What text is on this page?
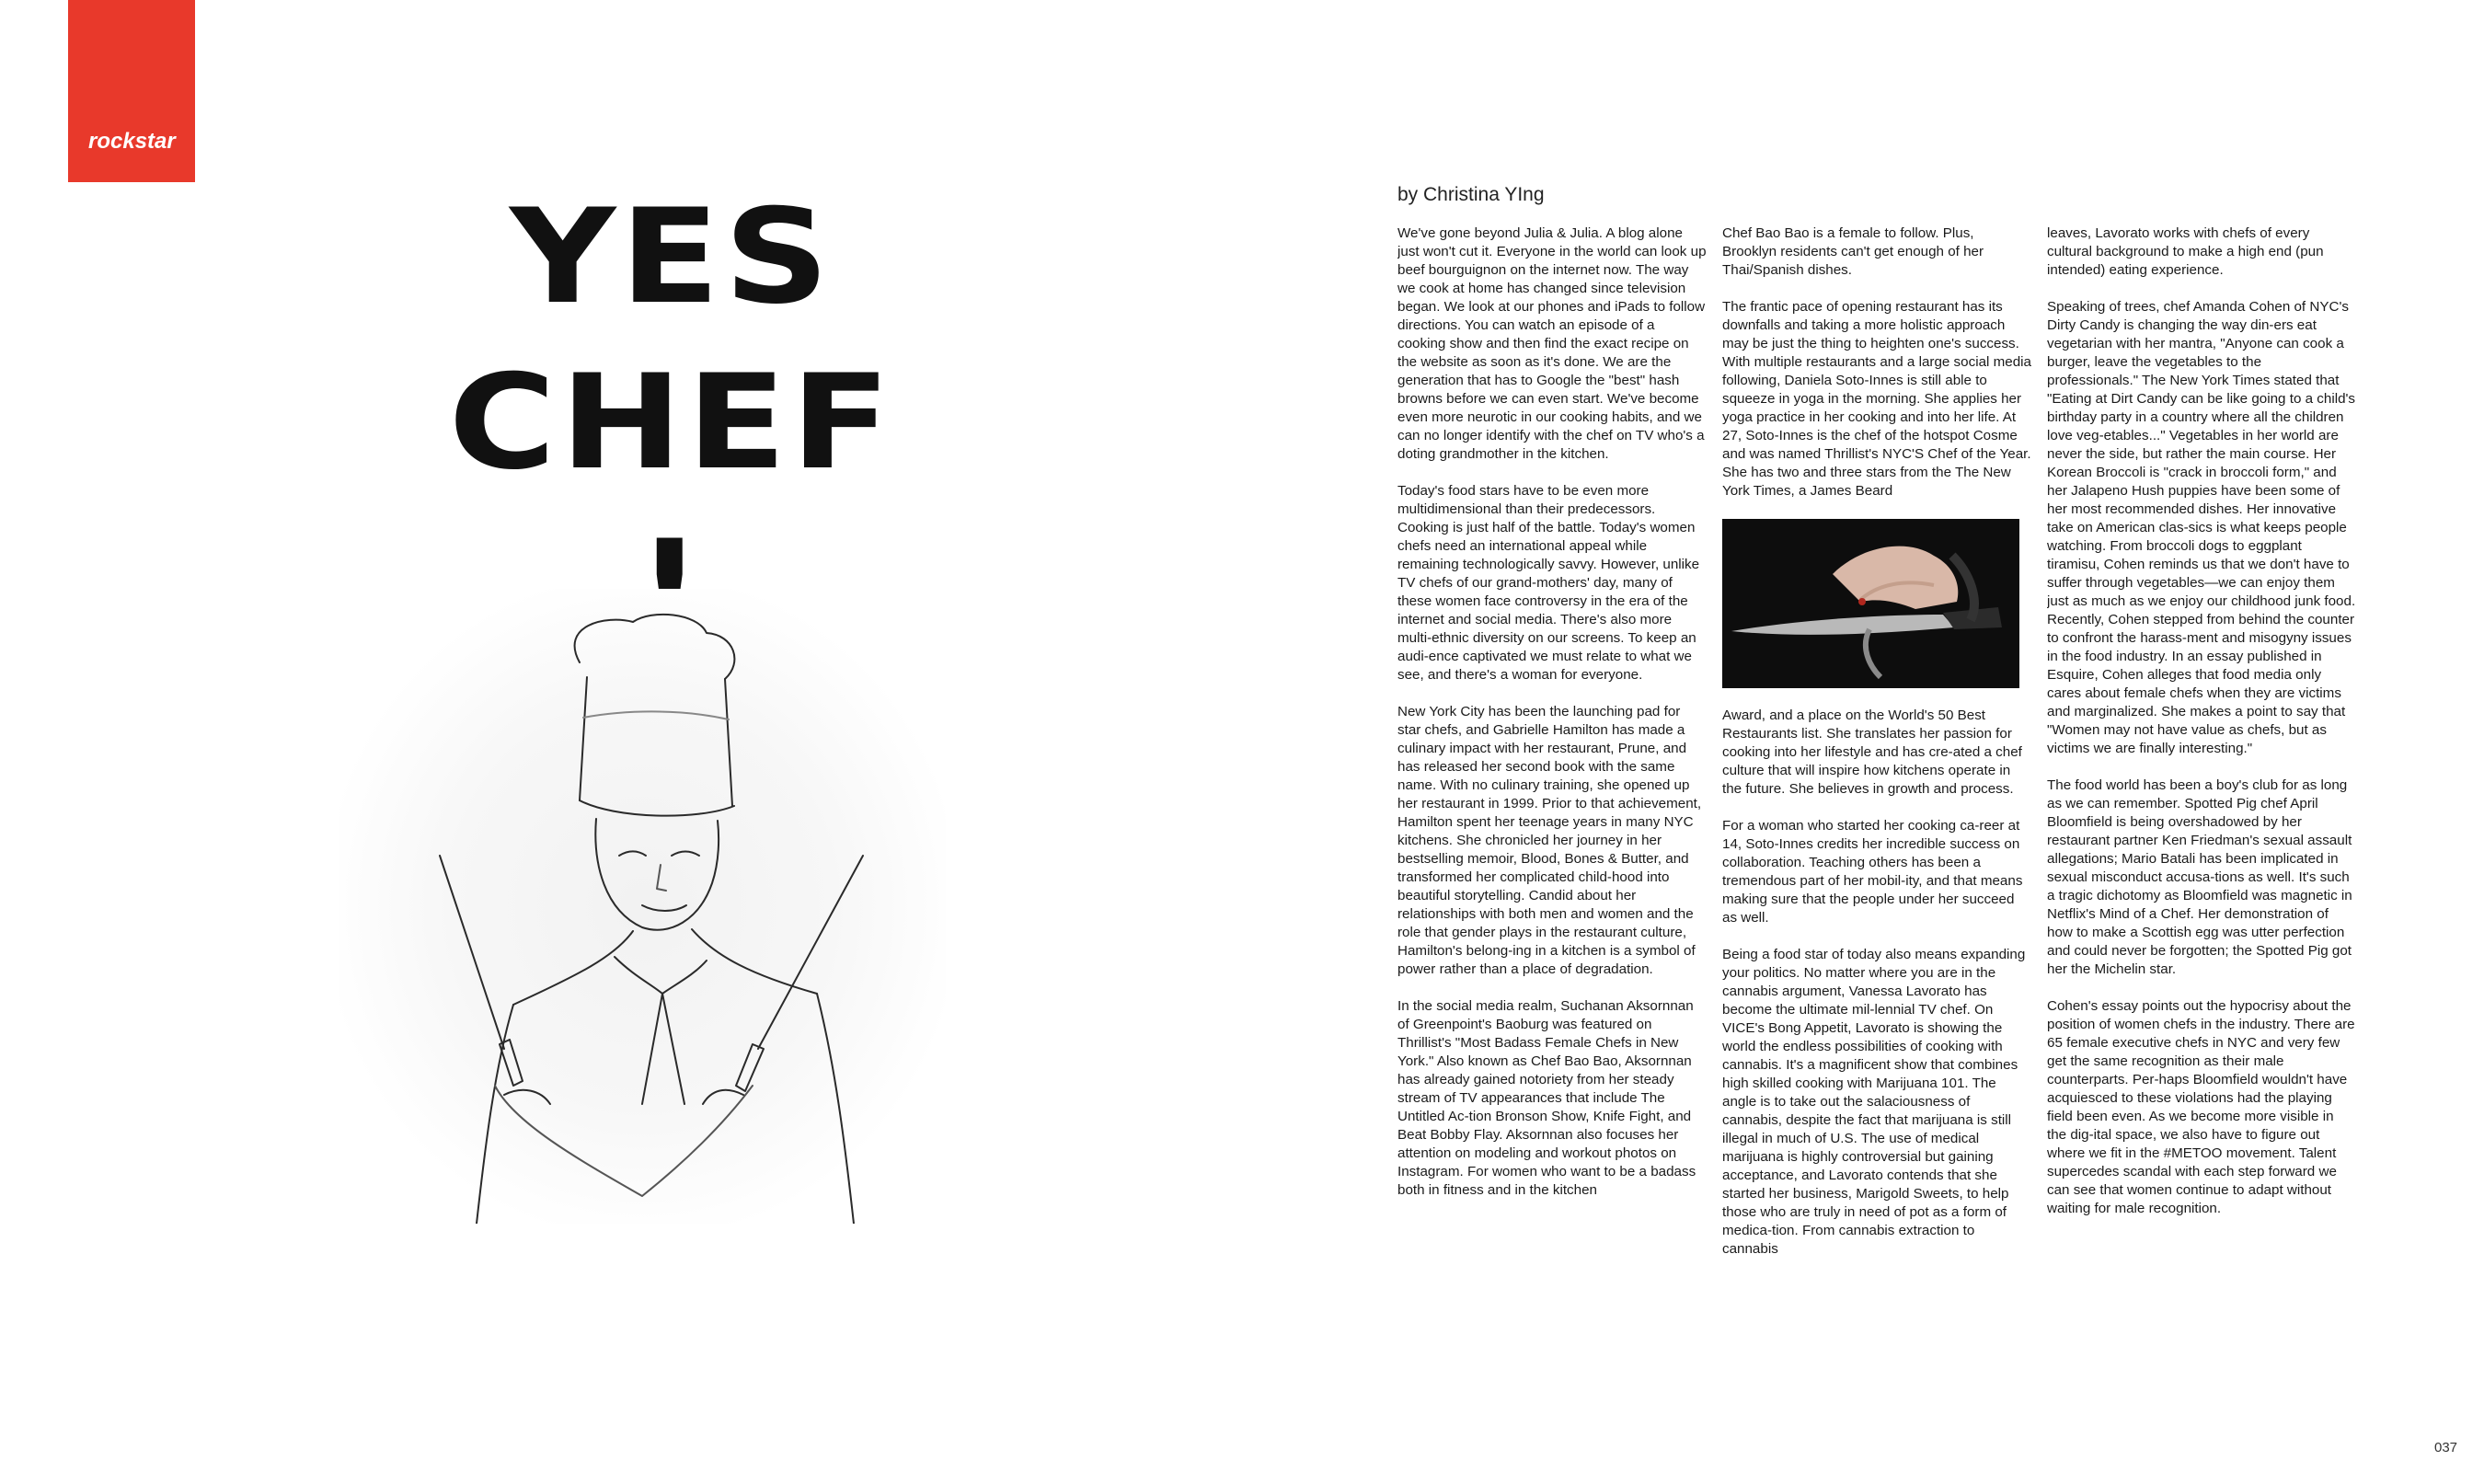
rockstar
YES
CHEF
by Christina YIng

We've gone beyond Julia & Julia. A blog alone just won't cut it. Everyone in the world can look up beef bourguignon on the internet now. The way we cook at home has changed since television began. We look at our phones and iPads to follow directions. You can watch an episode of a cooking show and then find the exact recipe on the website as soon as it's done. We are the generation that has to Google the "best" hash browns before we can even start. We've become even more neurotic in our cooking habits, and we can no longer identify with the chef on TV who's a doting grandmother in the kitchen.

Today's food stars have to be even more multidimensional than their predecessors. Cooking is just half of the battle. Today's women chefs need an international appeal while remaining technologically savvy. However, unlike TV chefs of our grand-mothers' day, many of these women face controversy in the era of the internet and social media. There's also more multi-ethnic diversity on our screens. To keep an audi-ence captivated we must relate to what we see, and there's a woman for everyone.

New York City has been the launching pad for star chefs, and Gabrielle Hamilton has made a culinary impact with her restaurant, Prune, and has released her second book with the same name. With no culinary training, she opened up her restaurant in 1999. Prior to that achievement, Hamilton spent her teenage years in many NYC kitchens. She chronicled her journey in her bestselling memoir, Blood, Bones & Butter, and transformed her complicated child-hood into beautiful storytelling. Candid about her relationships with both men and women and the role that gender plays in the restaurant culture, Hamilton's belong-ing in a kitchen is a symbol of power rather than a place of degradation.

In the social media realm, Suchanan Aksornnan of Greenpoint's Baoburg was featured on Thrillist's "Most Badass Female Chefs in New York." Also known as Chef Bao Bao, Aksornnan has already gained notoriety from her steady stream of TV appearances that include The Untitled Ac-tion Bronson Show, Knife Fight, and Beat Bobby Flay. Aksornnan also focuses her attention on modeling and workout photos on Instagram. For women who want to be a badass both in fitness and in the kitchen

Chef Bao Bao is a female to follow. Plus, Brooklyn residents can't get enough of her Thai/Spanish dishes.

The frantic pace of opening restaurant has its downfalls and taking a more holistic approach may be just the thing to heighten one's success. With multiple restaurants and a large social media following, Daniela Soto-Innes is still able to squeeze in yoga in the morning. She applies her yoga practice in her cooking and into her life. At 27, Soto-Innes is the chef of the hotspot Cosme and was named Thrillist's NYC'S Chef of the Year. She has two and three stars from the The New York Times, a James Beard

Award, and a place on the World's 50 Best Restaurants list. She translates her passion for cooking into her lifestyle and has cre-ated a chef culture that will inspire how kitchens operate in the future. She believes in growth and process.

For a woman who started her cooking ca-reer at 14, Soto-Innes credits her incredible success on collaboration. Teaching others has been a tremendous part of her mobil-ity, and that means making sure that the people under her succeed as well.

Being a food star of today also means expanding your politics. No matter where you are in the cannabis argument, Vanessa Lavorato has become the ultimate mil-lennial TV chef. On VICE's Bong Appetit, Lavorato is showing the world the endless possibilities of cooking with cannabis. It's a magnificent show that combines high skilled cooking with Marijuana 101. The angle is to take out the salaciousness of cannabis, despite the fact that marijuana is still illegal in much of U.S. The use of medical marijuana is highly controversial but gaining acceptance, and Lavorato contends that she started her business, Marigold Sweets, to help those who are truly in need of pot as a form of medica-tion. From cannabis extraction to cannabis

leaves, Lavorato works with chefs of every cultural background to make a high end (pun intended) eating experience.

Speaking of trees, chef Amanda Cohen of NYC's Dirty Candy is changing the way din-ers eat vegetarian with her mantra, "Anyone can cook a burger, leave the vegetables to the professionals." The New York Times stated that "Eating at Dirt Candy can be like going to a child's birthday party in a country where all the children love veg-etables..." Vegetables in her world are never the side, but rather the main course. Her Korean Broccoli is "crack in broccoli form," and her Jalapeno Hush puppies have been some of her most recommended dishes. Her innovative take on American clas-sics is what keeps people watching. From broccoli dogs to eggplant tiramisu, Cohen reminds us that we don't have to suffer through vegetables—we can enjoy them just as much as we enjoy our childhood junk food. Recently, Cohen stepped from behind the counter to confront the harass-ment and misogyny issues in the food industry. In an essay published in Esquire, Cohen alleges that food media only cares about female chefs when they are victims and marginalized. She makes a point to say that "Women may not have value as chefs, but as victims we are finally interesting."

The food world has been a boy's club for as long as we can remember. Spotted Pig chef April Bloomfield is being overshadowed by her restaurant partner Ken Friedman's sexual assault allegations; Mario Batali has been implicated in sexual misconduct accusa-tions as well. It's such a tragic dichotomy as Bloomfield was magnetic in Netflix's Mind of a Chef. Her demonstration of how to make a Scottish egg was utter perfection and could never be forgotten; the Spotted Pig got her the Michelin star.

Cohen's essay points out the hypocrisy about the position of women chefs in the industry. There are 65 female executive chefs in NYC and very few get the same recognition as their male counterparts. Per-haps Bloomfield wouldn't have acquiesced to these violations had the playing field been even. As we become more visible in the dig-ital space, we also have to figure out where we fit in the #METOO movement. Talent supercedes scandal with each step forward we can see that women continue to adapt without waiting for male recognition.

037
